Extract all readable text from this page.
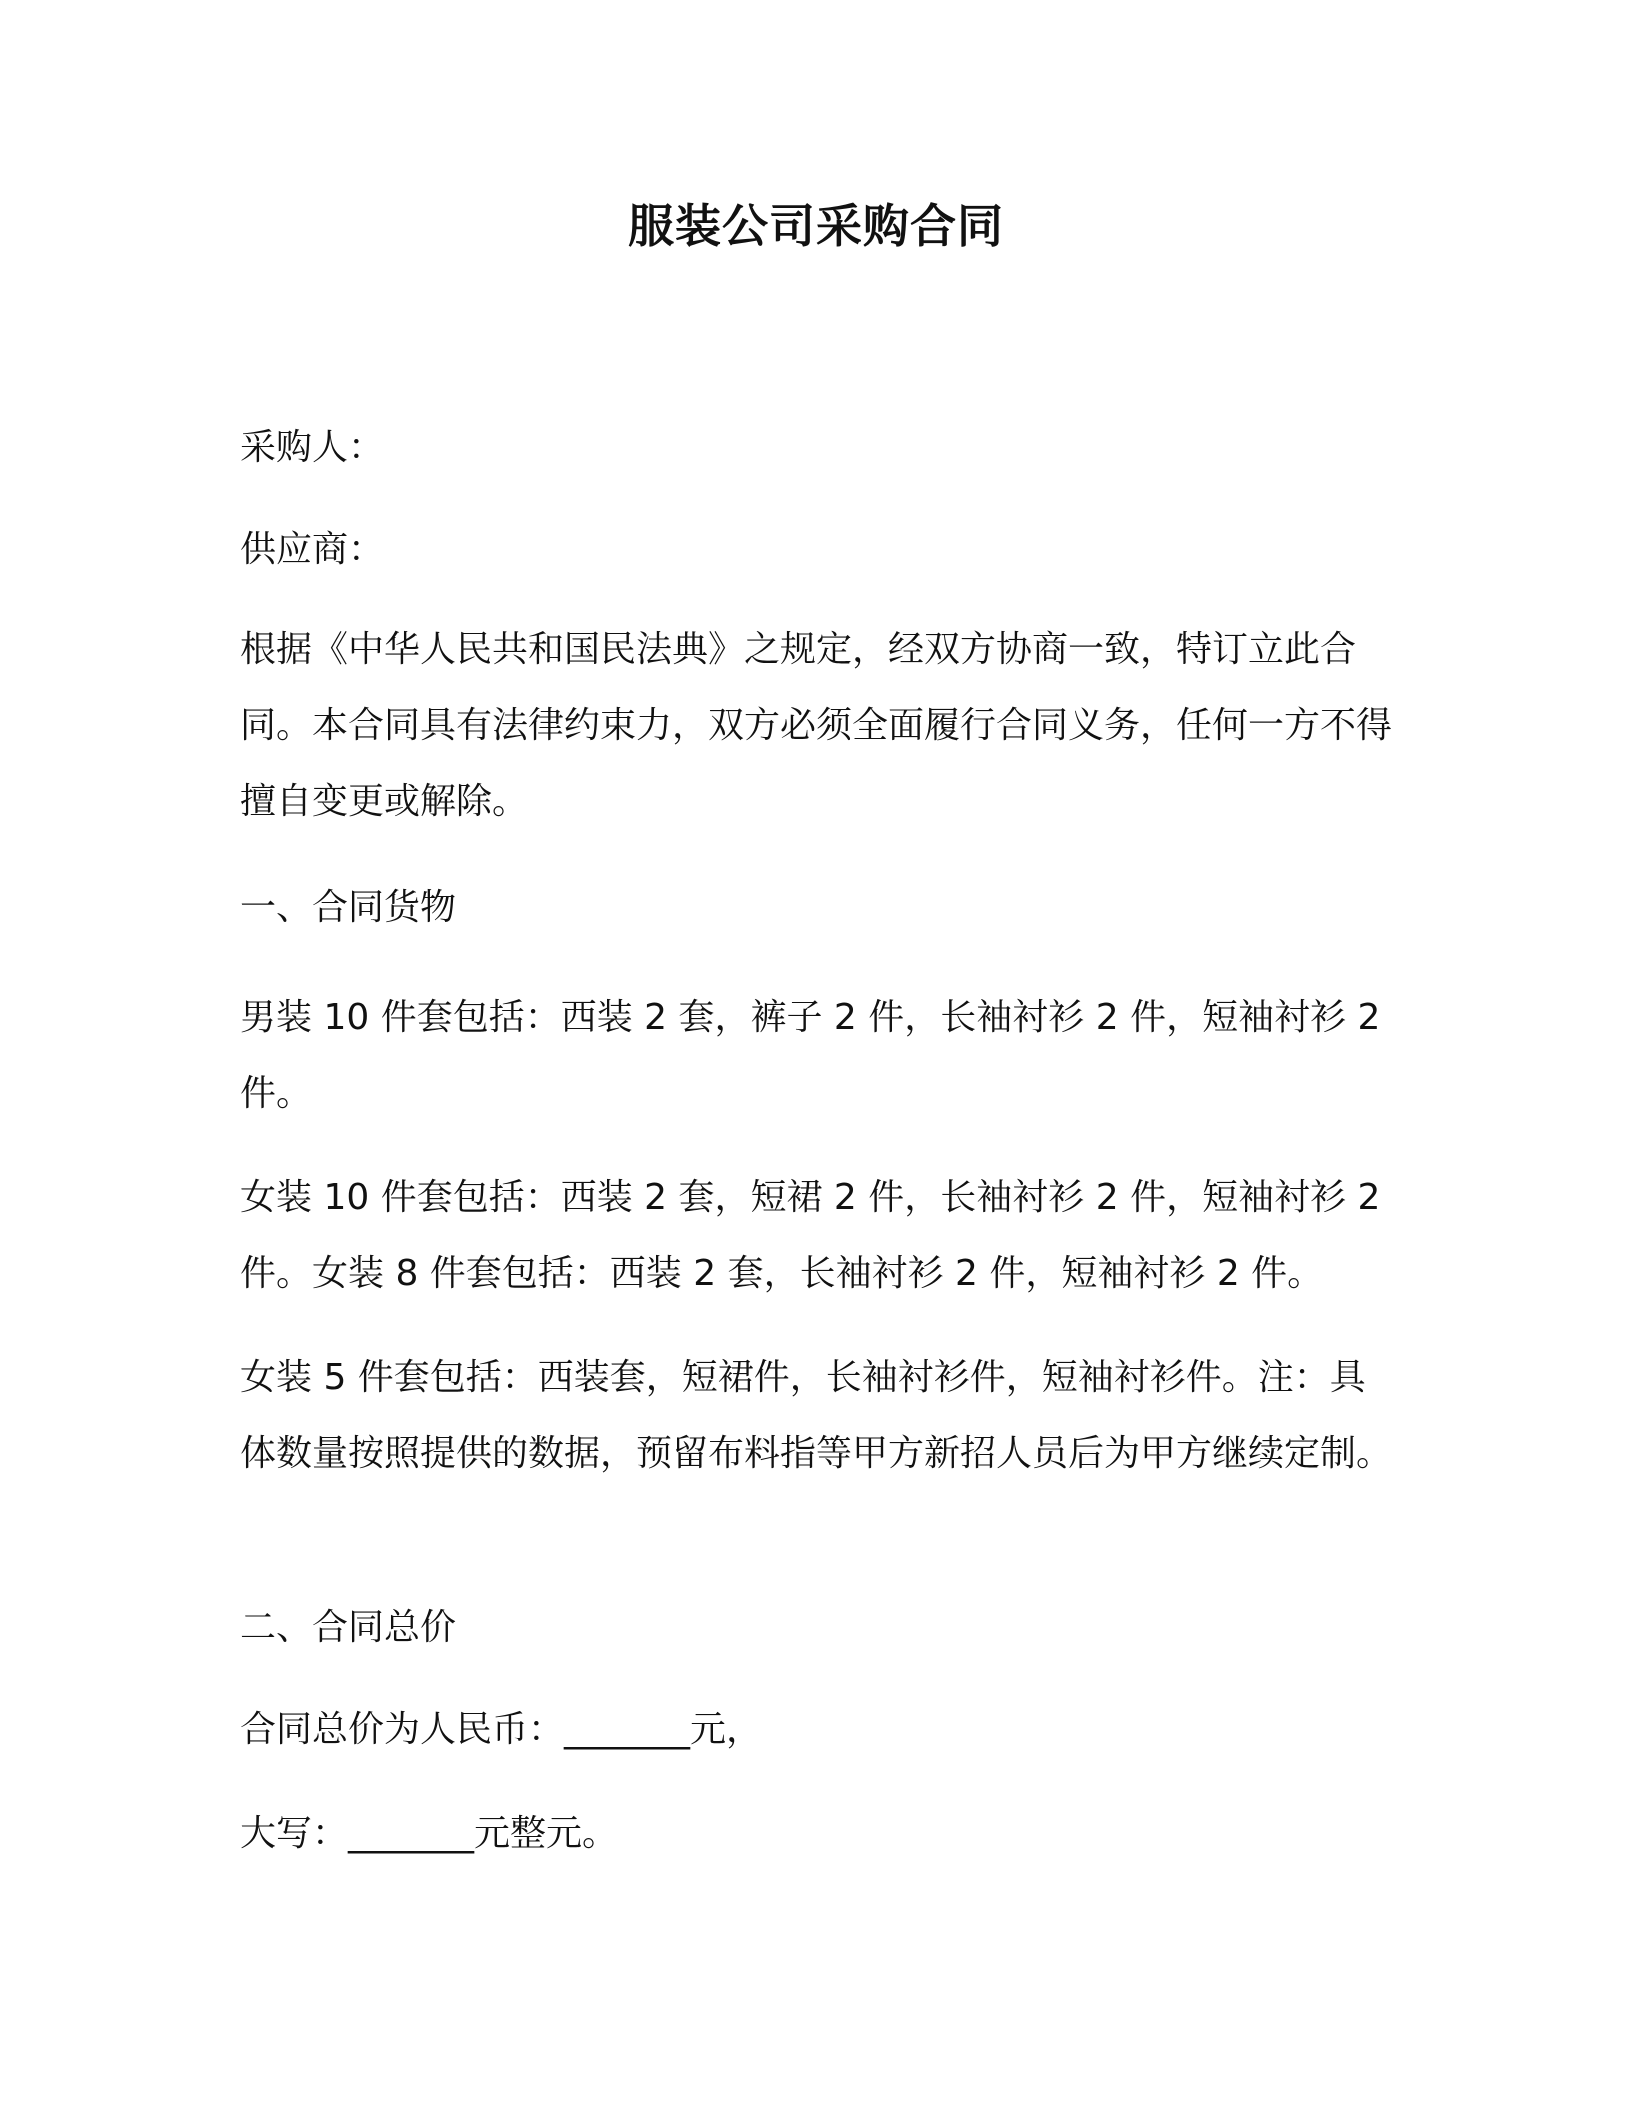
服装公司采购合同

采购人：

供应商：

根据《中华人民共和国民法典》之规定，经双方协商一致，特订立此合同。本合同具有法律约束力，双方必须全面履行合同义务，任何一方不得擅自变更或解除。

一、合同货物

男装 10 件套包括：西装 2 套，裤子 2 件，长袖衬衫 2 件，短袖衬衫 2 件。

女装 10 件套包括：西装 2 套，短裙 2 件，长袖衬衫 2 件，短袖衬衫 2 件。女装 8 件套包括：西装 2 套，长袖衬衫 2 件，短袖衬衫 2 件。

女装 5 件套包括：西装套，短裙件，长袖衬衫件，短袖衬衫件。注：具体数量按照提供的数据，预留布料指等甲方新招人员后为甲方继续定制。

二、合同总价

合同总价为人民币：_______元，

大写：_______元整元。
